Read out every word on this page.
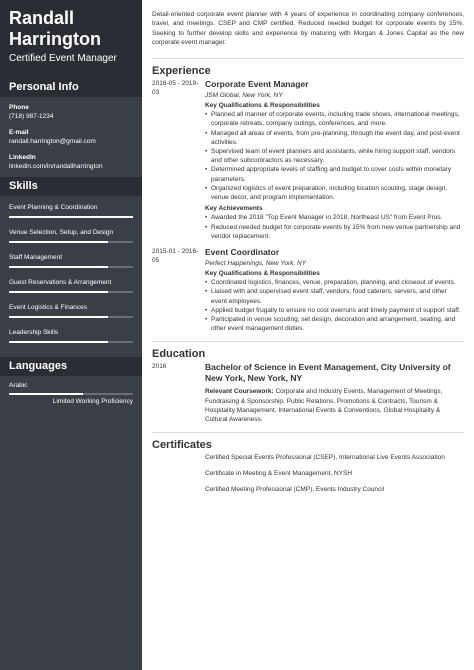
Randall
Harrington
Certified Event Manager
Personal Info
Phone
(718) 987-1234
E-mail
randall.harrington@gmail.com
LinkedIn
linkedin.com/in/randallharrington
Skills
Event Planning & Coordination
Venue Selection, Setup, and Design
Staff Management
Guest Reservations & Arrangement
Event Logistics & Finances
Leadership Skills
Languages
Arabic
Limited Working Proficiency
Detail-oriented corporate event planner with 4 years of experience in coordinating company conferences, travel, and meetings. CSEP and CMP certified. Reduced needed budget for corporate events by 15%. Seeking to further develop skills and experience by maturing with Morgan & Jones Capital as the new corporate event manager.
Experience
2016-05 - 2019-03
Corporate Event Manager
JSM Global, New York, NY
Key Qualifications & Responsibilities
• Planned all manner of corporate events, including trade shows, international meetings, corporate retreats, company outings, conferences, and more.
• Managed all areas of events, from pre-planning, through the event day, and post-event activities.
• Supervised team of event planners and assistants, while hiring support staff, vendors and other subcontractors as necessary.
• Determined appropriate levels of staffing and budget to cover costs within monetary parameters.
• Organized logistics of event preparation, including location scouting, stage design, venue decor, and program implementation.
Key Achievements
• Awarded the 2018 "Top Event Manager in 2018, Northeast US" from Event Pros.
• Reduced needed budget for corporate events by 15% from new venue partnership and vendor replacement.
2015-01 - 2016-05
Event Coordinator
Perfect Happenings, New York, NY
Key Qualifications & Responsibilities
• Coordinated logistics, finances, venue, preparation, planning, and closeout of events.
• Liaised with and supervised event staff, vendors, food caterers, servers, and other event employees.
• Applied budget frugally to ensure no cost overruns and timely payment of support staff.
• Participated in venue scouting, set design, decoration and arrangement, seating, and other event management duties.
Education
2016	Bachelor of Science in Event Management, City University of New York, New York, NY
Relevant Coursework: Corporate and Industry Events, Management of Meetings, Fundraising & Sponsorship, Public Relations, Promotions & Contracts, Tourism & Hospitality Management, International Events & Conventions, Global Hospitality & Cultural Awareness.
Certificates
Certified Special Events Professional (CSEP), International Live Events Association
Certificate in Meeting & Event Management, NYSH
Certified Meeting Professional (CMP), Events Industry Council
